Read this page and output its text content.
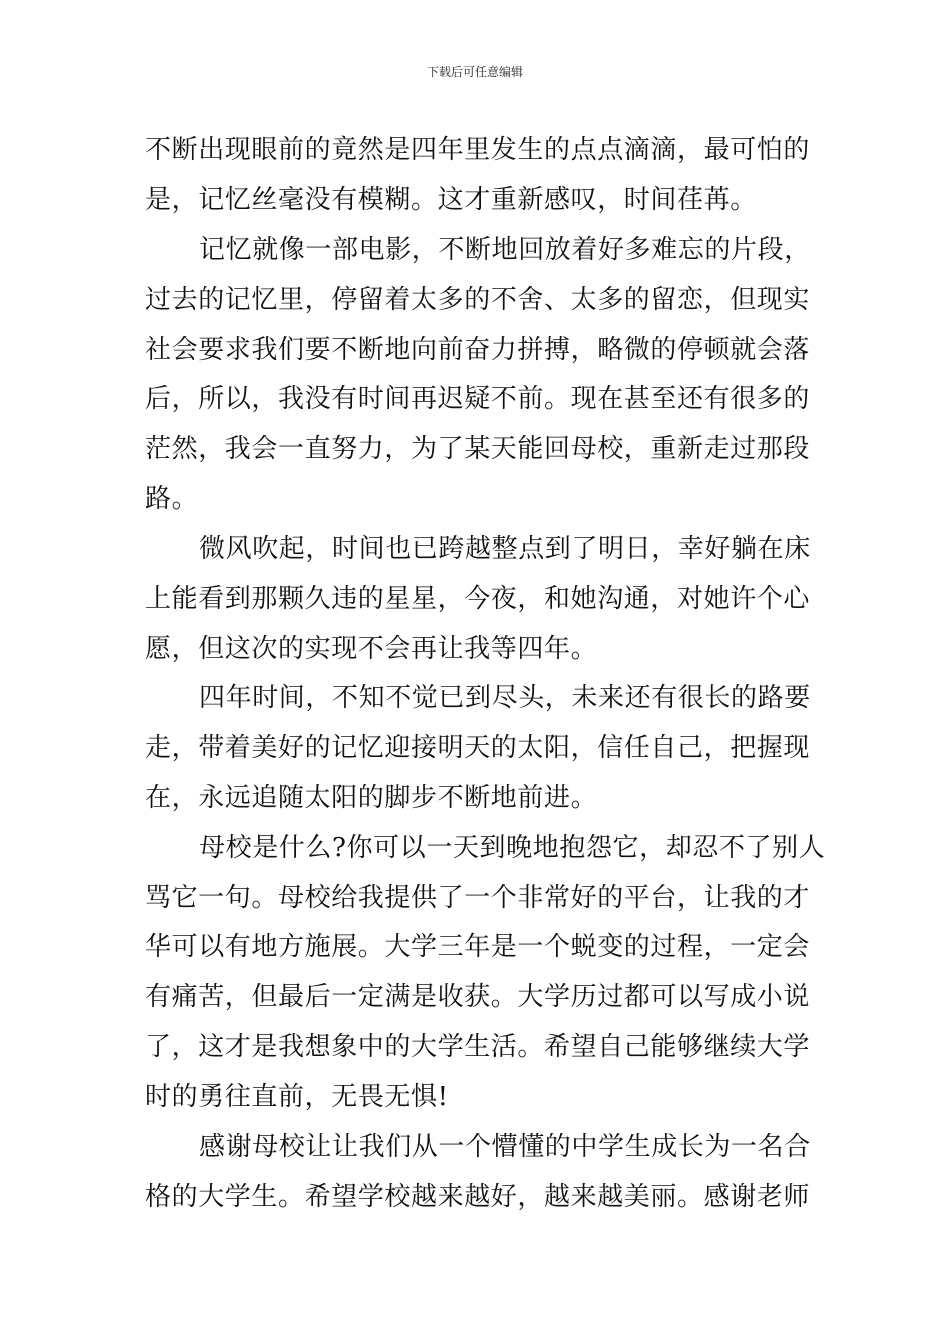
下载后可任意编辑
不断出现眼前的竟然是四年里发生的点点滴滴，最可怕的
是，记忆丝毫没有模糊。这才重新感叹，时间荏苒。
记忆就像一部电影，不断地回放着好多难忘的片段，
过去的记忆里，停留着太多的不舍、太多的留恋，但现实
社会要求我们要不断地向前奋力拼搏，略微的停顿就会落
后，所以，我没有时间再迟疑不前。现在甚至还有很多的
茫然，我会一直努力，为了某天能回母校，重新走过那段
路。
微风吹起，时间也已跨越整点到了明日，幸好躺在床
上能看到那颗久违的星星，今夜，和她沟通，对她许个心
愿，但这次的实现不会再让我等四年。
四年时间，不知不觉已到尽头，未来还有很长的路要
走，带着美好的记忆迎接明天的太阳，信任自己，把握现
在，永远追随太阳的脚步不断地前进。
母校是什么?你可以一天到晚地抱怨它，却忍不了别人
骂它一句。母校给我提供了一个非常好的平台，让我的才
华可以有地方施展。大学三年是一个蜕变的过程，一定会
有痛苦，但最后一定满是收获。大学历过都可以写成小说
了，这才是我想象中的大学生活。希望自己能够继续大学
时的勇往直前，无畏无惧!
感谢母校让让我们从一个懵懂的中学生成长为一名合
格的大学生。希望学校越来越好，越来越美丽。感谢老师
